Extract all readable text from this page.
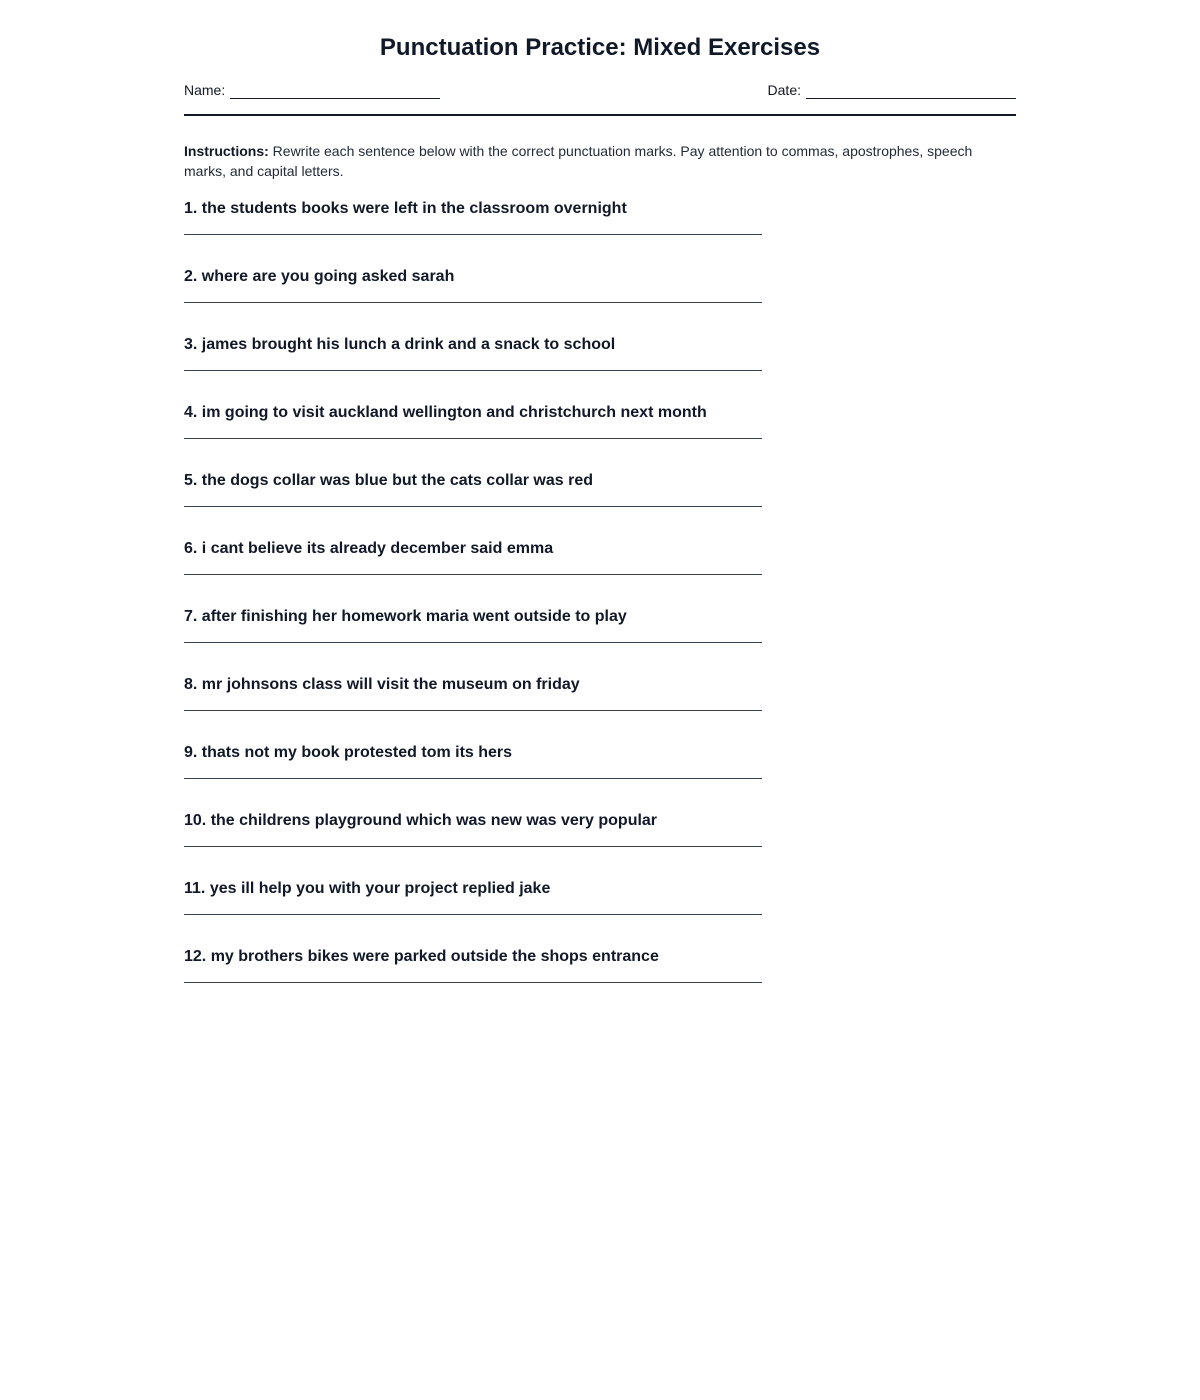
Punctuation Practice: Mixed Exercises
Name:	Date:
Instructions: Rewrite each sentence below with the correct punctuation marks. Pay attention to commas, apostrophes, speech marks, and capital letters.
1. the students books were left in the classroom overnight
2. where are you going asked sarah
3. james brought his lunch a drink and a snack to school
4. im going to visit auckland wellington and christchurch next month
5. the dogs collar was blue but the cats collar was red
6. i cant believe its already december said emma
7. after finishing her homework maria went outside to play
8. mr johnsons class will visit the museum on friday
9. thats not my book protested tom its hers
10. the childrens playground which was new was very popular
11. yes ill help you with your project replied jake
12. my brothers bikes were parked outside the shops entrance
